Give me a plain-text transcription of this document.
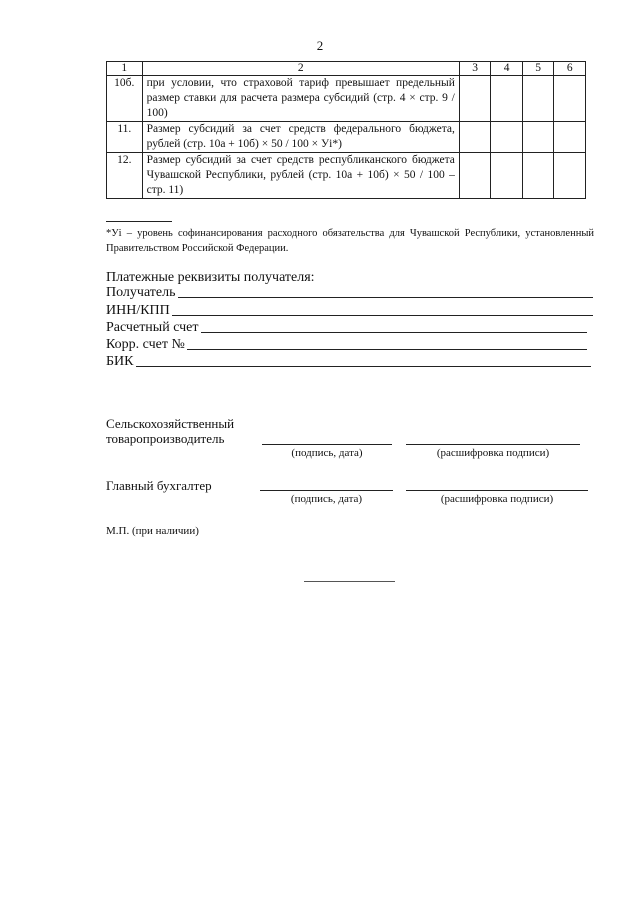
2
1	2	3	4	5	6
10б.	при условии, что страховой тариф превышает предельный размер ставки для расчета размера субсидий (стр. 4 × стр. 9 / 100)				
11.	Размер субсидий за счет средств федерального бюджета, рублей (стр. 10а + 10б) × 50 / 100 × Уi*)				
12.	Размер субсидий за счет средств республиканского бюджета Чувашской Республики, рублей (стр. 10а + 10б) × 50 / 100 – стр. 11)				
*Уi – уровень софинансирования расходного обязательства для Чувашской Республики, установленный Правительством Российской Федерации.
Платежные реквизиты получателя:
Получатель
ИНН/КПП
Расчетный счет
Корр. счет №
БИК
Сельскохозяйственный
товаропроизводитель
(подпись, дата)	(расшифровка подписи)
Главный бухгалтер
(подпись, дата)	(расшифровка подписи)
М.П. (при наличии)
